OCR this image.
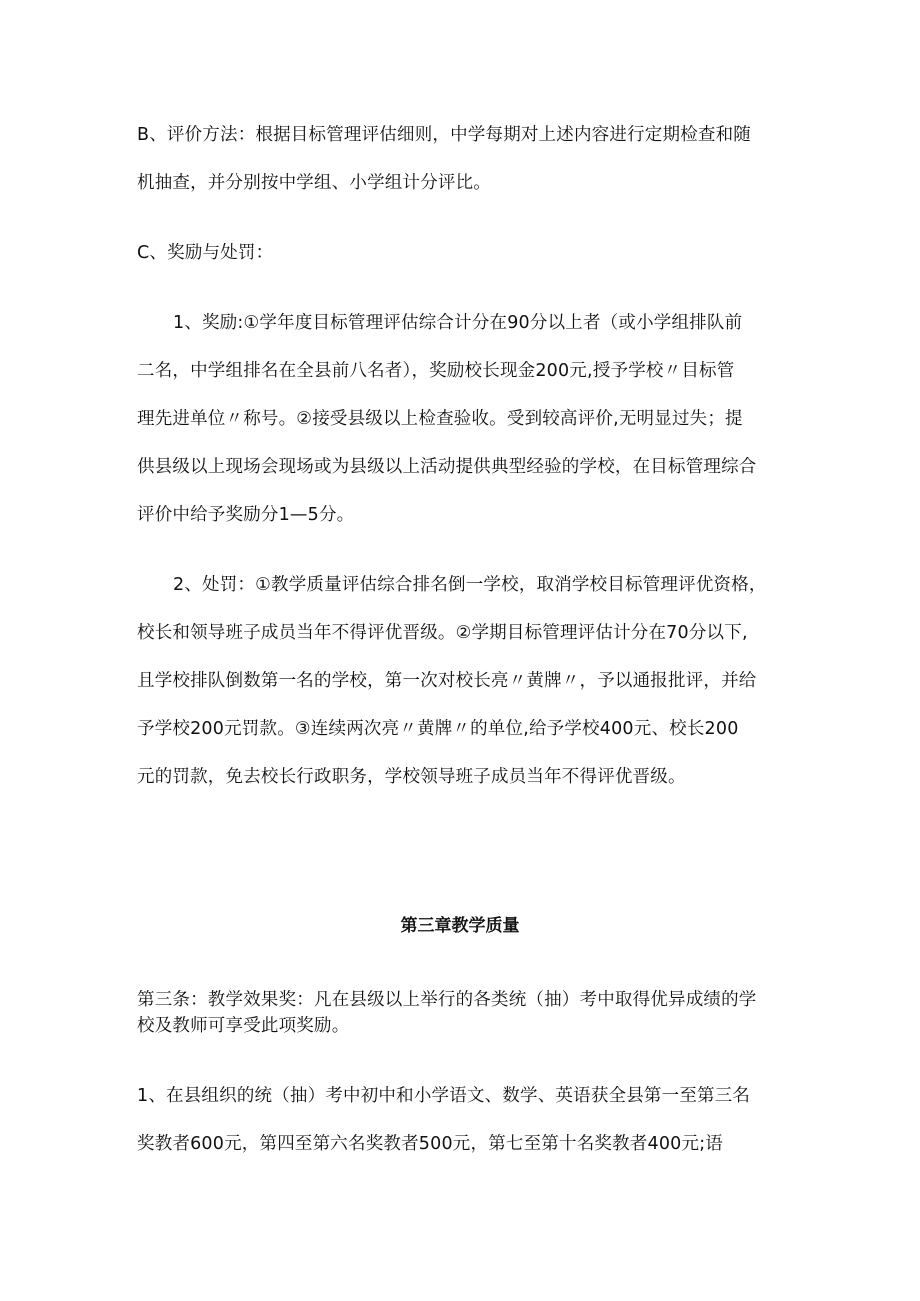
B、评价方法：根据目标管理评估细则，中学每期对上述内容进行定期检查和随
机抽查，并分别按中学组、小学组计分评比。
C、奖励与处罚：
1、奖励:①学年度目标管理评估综合计分在90分以上者（或小学组排队前
二名，中学组排名在全县前八名者），奖励校长现金200元,授予学校〃目标管
理先进单位〃称号。②接受县级以上检查验收。受到较高评价,无明显过失；提
供县级以上现场会现场或为县级以上活动提供典型经验的学校，在目标管理综合
评价中给予奖励分1—5分。
2、处罚：①教学质量评估综合排名倒一学校，取消学校目标管理评优资格，
校长和领导班子成员当年不得评优晋级。②学期目标管理评估计分在70分以下,
且学校排队倒数第一名的学校，第一次对校长亮〃黄牌〃，予以通报批评，并给
予学校200元罚款。③连续两次亮〃黄牌〃的单位,给予学校400元、校长200
元的罚款，免去校长行政职务，学校领导班子成员当年不得评优晋级。
第三章教学质量
第三条：教学效果奖：凡在县级以上举行的各类统（抽）考中取得优异成绩的学
校及教师可享受此项奖励。
1、在县组织的统（抽）考中初中和小学语文、数学、英语获全县第一至第三名
奖教者600元，第四至第六名奖教者500元，第七至第十名奖教者400元;语
